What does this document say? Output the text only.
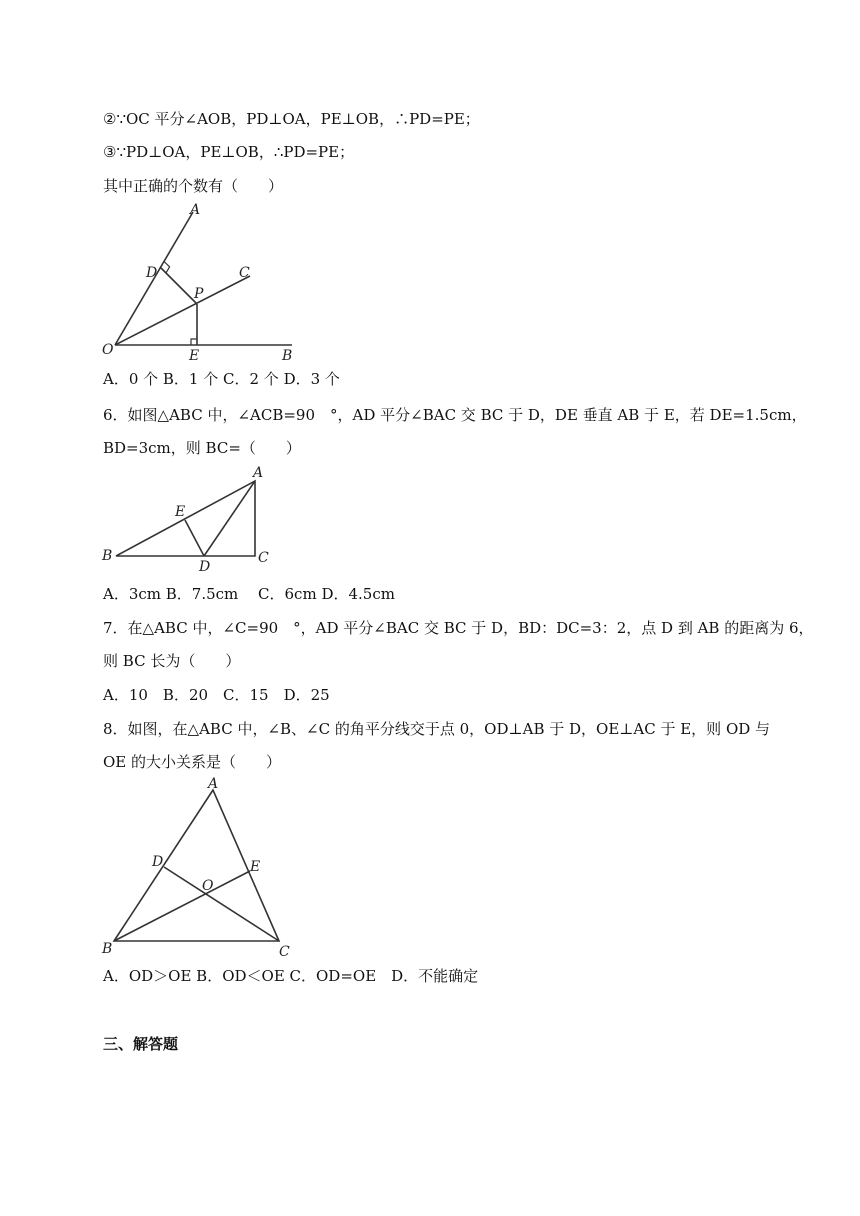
②∵OC 平分∠AOB，PD⊥OA，PE⊥OB，∴PD=PE；
③∵PD⊥OA，PE⊥OB，∴PD=PE；
其中正确的个数有（　　）
A
C
D
P
O	E	B
A．0 个 B．1 个 C．2 个 D．3 个
6．如图△ABC 中，∠ACB=90　°，AD 平分∠BAC 交 BC 于 D，DE 垂直 AB 于 E，若 DE=1.5cm，
BD=3cm，则 BC=（　　）
A
E
B
D
C
A．3cm B．7.5cm　 C．6cm D．4.5cm
7．在△ABC 中，∠C=90　°，AD 平分∠BAC 交 BC 于 D，BD：DC=3：2，点 D 到 AB 的距离为 6，
则 BC 长为（　　）
A．10　B．20　C．15　D．25
8．如图，在△ABC 中，∠B、∠C 的角平分线交于点 0，OD⊥AB 于 D，OE⊥AC 于 E，则 OD 与
OE 的大小关系是（　　）
A
D	E
O
B	C
A．OD＞OE B．OD＜OE C．OD=OE　D．不能确定
三、解答题
